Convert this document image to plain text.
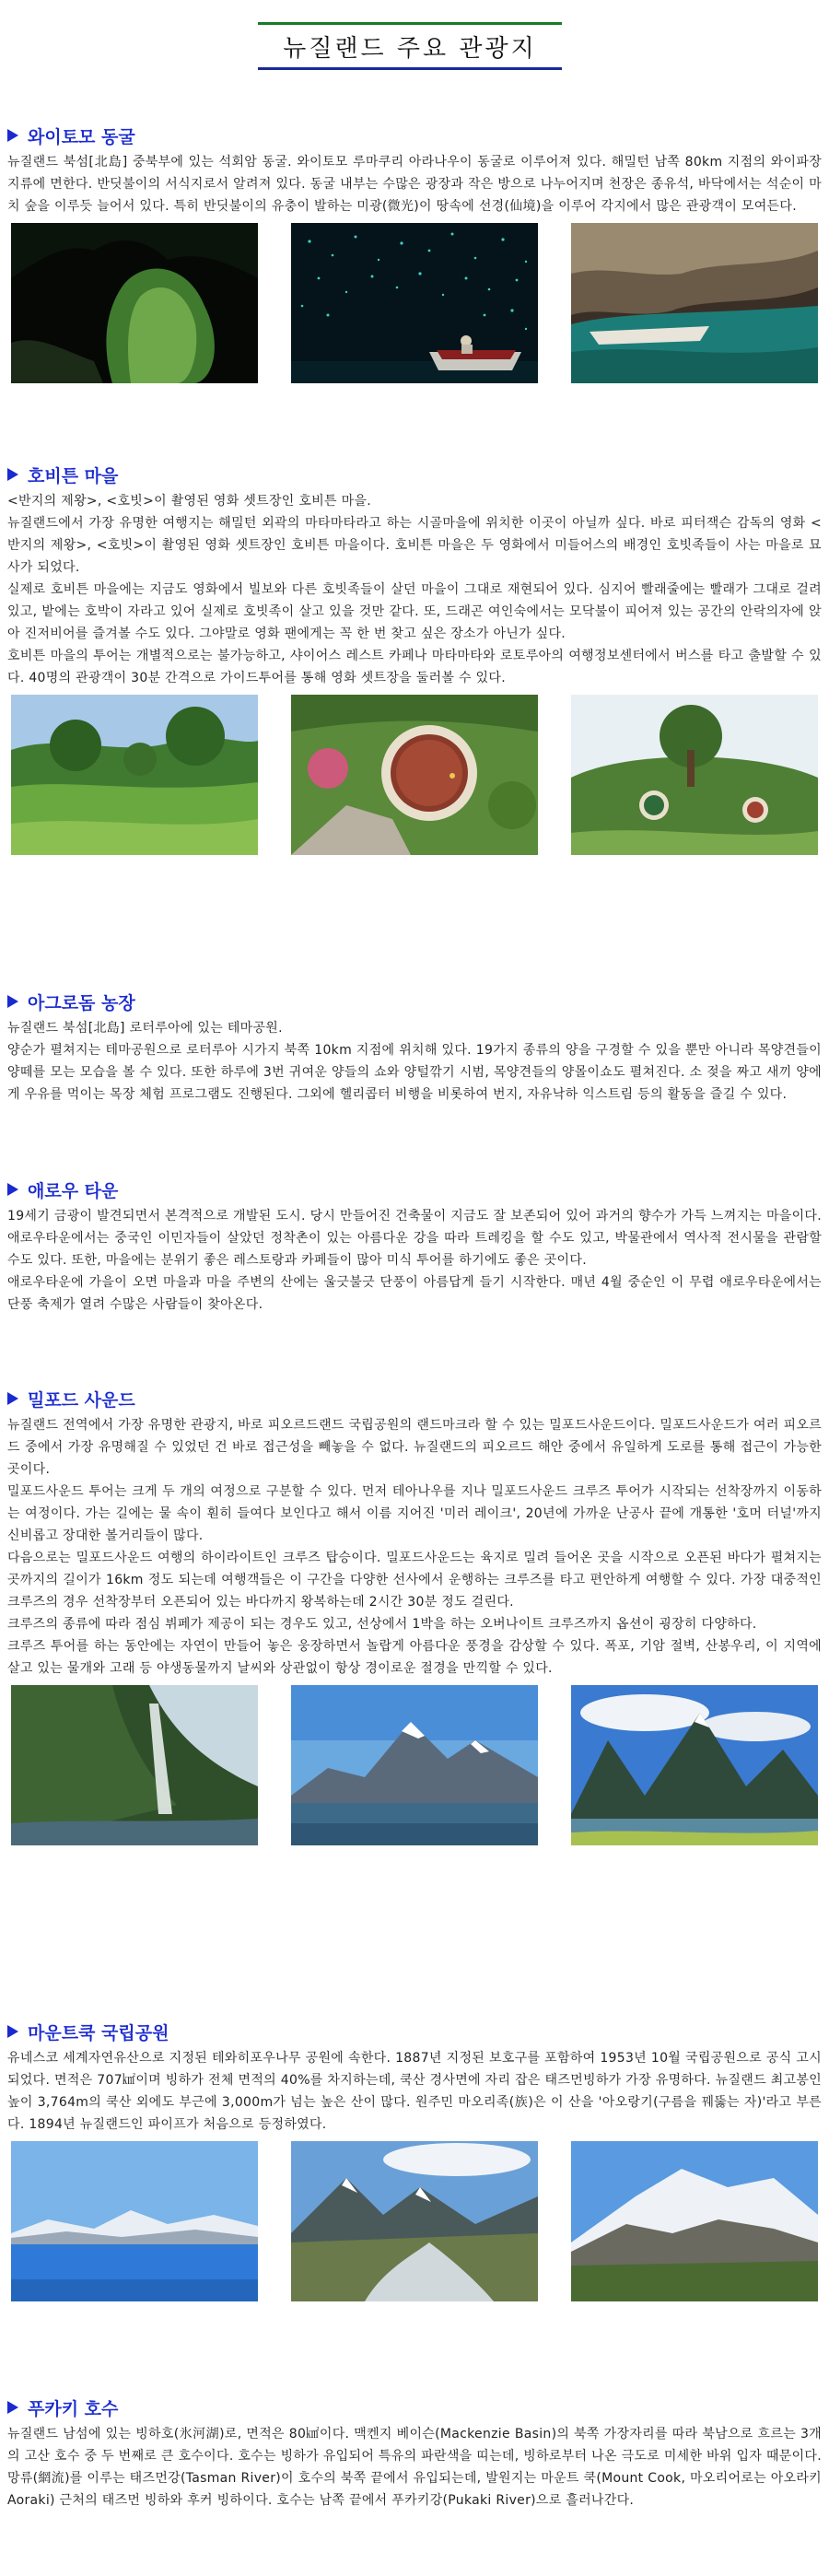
뉴질랜드 주요 관광지
와이토모 동굴

뉴질랜드 북섬[北島] 중북부에 있는 석회암 동굴. 와이토모 루마쿠리 아라나우이 동굴로 이루어져 있다. 해밀턴 남쪽 80km 지점의 와이파장 지류에 면한다. 반딧불이의 서식지로서 알려져 있다. 동굴 내부는 수많은 광장과 작은 방으로 나누어지며 천장은 종유석, 바닥에서는 석순이 마치 숲을 이루듯 늘어서 있다. 특히 반딧불이의 유충이 발하는 미광(微光)이 땅속에 선경(仙境)을 이루어 각지에서 많은 관광객이 모여든다.

호비튼 마을

<반지의 제왕>, <호빗>이 촬영된 영화 셋트장인 호비튼 마을.

뉴질랜드에서 가장 유명한 여행지는 해밀턴 외곽의 마타마타라고 하는 시골마을에 위치한 이곳이 아닐까 싶다. 바로 피터잭슨 감독의 영화 <반지의 제왕>, <호빗>이 촬영된 영화 셋트장인 호비튼 마을이다. 호비튼 마을은 두 영화에서 미들어스의 배경인 호빗족들이 사는 마을로 묘사가 되었다.

실제로 호비튼 마을에는 지금도 영화에서 빌보와 다른 호빗족들이 살던 마을이 그대로 재현되어 있다. 심지어 빨래줄에는 빨래가 그대로 걸려 있고, 밭에는 호박이 자라고 있어 실제로 호빗족이 살고 있을 것만 같다. 또, 드래곤 여인숙에서는 모닥불이 피어져 있는 공간의 안락의자에 앉아 진저비어를 즐겨볼 수도 있다. 그야말로 영화 팬에게는 꼭 한 번 찾고 싶은 장소가 아닌가 싶다.

호비튼 마을의 투어는 개별적으로는 불가능하고, 샤이어스 레스트 카페나 마타마타와 로토루아의 여행정보센터에서 버스를 타고 출발할 수 있다. 40명의 관광객이 30분 간격으로 가이드투어를 통해 영화 셋트장을 둘러볼 수 있다.

아그로돔 농장

뉴질랜드 북섬[北島] 로터루아에 있는 테마공원.

양순가 펼쳐지는 테마공원으로 로터루아 시가지 북쪽 10km 지점에 위치해 있다. 19가지 종류의 양을 구경할 수 있을 뿐만 아니라 목양견들이 양떼를 모는 모습을 볼 수 있다. 또한 하루에 3번 귀여운 양들의 쇼와 양털깎기 시범, 목양견들의 양몰이쇼도 펼쳐진다. 소 젖을 짜고 새끼 양에게 우유를 먹이는 목장 체험 프로그램도 진행된다. 그외에 헬리콥터 비행을 비롯하여 번지, 자유낙하 익스트림 등의 활동을 즐길 수 있다.

애로우 타운

19세기 금광이 발견되면서 본격적으로 개발된 도시. 당시 만들어진 건축물이 지금도 잘 보존되어 있어 과거의 향수가 가득 느껴지는 마을이다. 애로우타운에서는 중국인 이민자들이 살았던 정착촌이 있는 아름다운 강을 따라 트레킹을 할 수도 있고, 박물관에서 역사적 전시물을 관람할 수도 있다. 또한, 마을에는 분위기 좋은 레스토랑과 카페들이 많아 미식 투어를 하기에도 좋은 곳이다.

애로우타운에 가을이 오면 마을과 마을 주변의 산에는 울긋불긋 단풍이 아름답게 들기 시작한다. 매년 4월 중순인 이 무렵 애로우타운에서는 단풍 축제가 열려 수많은 사람들이 찾아온다.

밀포드 사운드

뉴질랜드 전역에서 가장 유명한 관광지, 바로 피오르드랜드 국립공원의 랜드마크라 할 수 있는 밀포드사운드이다. 밀포드사운드가 여러 피오르드 중에서 가장 유명해질 수 있었던 건 바로 접근성을 빼놓을 수 없다. 뉴질랜드의 피오르드 해안 중에서 유일하게 도로를 통해 접근이 가능한 곳이다.

밀포드사운드 투어는 크게 두 개의 여정으로 구분할 수 있다. 먼저 테아나우를 지나 밀포드사운드 크루즈 투어가 시작되는 선착장까지 이동하는 여정이다. 가는 길에는 물 속이 훤히 들여다 보인다고 해서 이름 지어진 '미러 레이크', 20년에 가까운 난공사 끝에 개통한 '호머 터널'까지 신비롭고 장대한 볼거리들이 많다.

다음으로는 밀포드사운드 여행의 하이라이트인 크루즈 탑승이다. 밀포드사운드는 육지로 밀려 들어온 곳을 시작으로 오픈된 바다가 펼쳐지는 곳까지의 길이가 16km 정도 되는데 여행객들은 이 구간을 다양한 선사에서 운행하는 크루즈를 타고 편안하게 여행할 수 있다. 가장 대중적인 크루즈의 경우 선착장부터 오픈되어 있는 바다까지 왕복하는데 2시간 30분 정도 걸린다.

크루즈의 종류에 따라 점심 뷔페가 제공이 되는 경우도 있고, 선상에서 1박을 하는 오버나이트 크루즈까지 옵션이 굉장히 다양하다.

크루즈 투어를 하는 동안에는 자연이 만들어 놓은 웅장하면서 놀랍게 아름다운 풍경을 감상할 수 있다. 폭포, 기암 절벽, 산봉우리, 이 지역에 살고 있는 물개와 고래 등 야생동물까지 날씨와 상관없이 항상 경이로운 절경을 만끽할 수 있다.

마운트쿡 국립공원

유네스코 세계자연유산으로 지정된 테와히포우나무 공원에 속한다. 1887년 지정된 보호구를 포함하여 1953년 10월 국립공원으로 공식 고시되었다. 면적은 707㎢이며 빙하가 전체 면적의 40%를 차지하는데, 쿡산 경사면에 자리 잡은 태즈먼빙하가 가장 유명하다. 뉴질랜드 최고봉인 높이 3,764m의 쿡산 외에도 부근에 3,000m가 넘는 높은 산이 많다. 원주민 마오리족(族)은 이 산을 '아오랑기(구름을 꿰뚫는 자)'라고 부른다. 1894년 뉴질랜드인 파이프가 처음으로 등정하였다.

푸카키 호수

뉴질랜드 남섬에 있는 빙하호(氷河湖)로, 면적은 80㎢이다. 맥켄지 베이슨(Mackenzie Basin)의 북쪽 가장자리를 따라 북남으로 흐르는 3개의 고산 호수 중 두 번째로 큰 호수이다. 호수는 빙하가 유입되어 특유의 파란색을 띠는데, 빙하로부터 나온 극도로 미세한 바위 입자 때문이다. 망류(網流)를 이루는 태즈먼강(Tasman River)이 호수의 북쪽 끝에서 유입되는데, 발원지는 마운트 쿡(Mount Cook, 마오리어로는 아오라키Aoraki) 근처의 태즈먼 빙하와 후커 빙하이다. 호수는 남쪽 끝에서 푸카키강(Pukaki River)으로 흘러나간다.
